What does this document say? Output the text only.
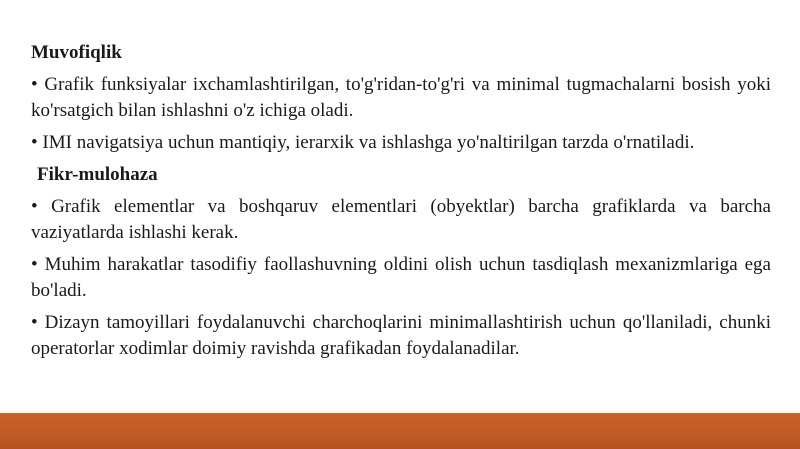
Muvofiqlik
• Grafik funksiyalar ixchamlashtirilgan, to'g'ridan-to'g'ri va minimal tugmachalarni bosish yoki ko'rsatgich bilan ishlashni o'z ichiga oladi.
• IMI navigatsiya uchun mantiqiy, ierarxik va ishlashga yo'naltirilgan tarzda o'rnatiladi.
Fikr-mulohaza
• Grafik elementlar va boshqaruv elementlari (obyektlar) barcha grafiklarda va barcha vaziyatlarda ishlashi kerak.
• Muhim harakatlar tasodifiy faollashuvning oldini olish uchun tasdiqlash mexanizmlariga ega bo'ladi.
• Dizayn tamoyillari foydalanuvchi charchoqlarini minimallashtirish uchun qo'llaniladi, chunki operatorlar xodimlar doimiy ravishda grafikadan foydalanadilar.
